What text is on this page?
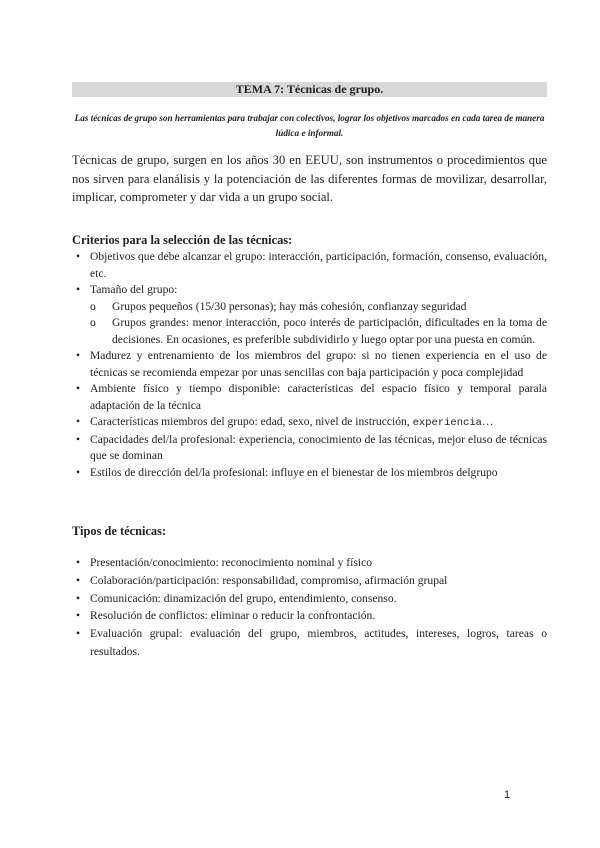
TEMA 7: Técnicas de grupo.
Las técnicas de grupo son herramientas para trabajar con colectivos, lograr los objetivos marcados en cada tarea de manera lúdica e informal.
Técnicas de grupo, surgen en los años 30 en EEUU, son instrumentos o procedimientos que nos sirven para elanálisis y la potenciación de las diferentes formas de movilizar, desarrollar, implicar, comprometer y dar vida a un grupo social.
Criterios para la selección de las técnicas:
• Objetivos que debe alcanzar el grupo: interacción, participación, formación, consenso, evaluación, etc.
• Tamaño del grupo:
o Grupos pequeños (15/30 personas); hay más cohesión, confianzay seguridad
o Grupos grandes: menor interacción, poco interés de participación, dificultades en la toma de decisiones. En ocasiones, es preferible subdividirlo y luego optar por una puesta en común.
• Madurez y entrenamiento de los miembros del grupo: si no tienen experiencia en el uso de técnicas se recomienda empezar por unas sencillas con baja participación y poca complejidad
• Ambiente físico y tiempo disponible: características del espacio físico y temporal parala adaptación de la técnica
• Características miembros del grupo: edad, sexo, nivel de instrucción, experiencia…
• Capacidades del/la profesional: experiencia, conocimiento de las técnicas, mejor eluso de técnicas que se dominan
• Estilos de dirección del/la profesional: influye en el bienestar de los miembros delgrupo
Tipos de técnicas:
• Presentación/conocimiento: reconocimiento nominal y físico
• Colaboración/participación: responsabilidad, compromiso, afirmación grupal
• Comunicación: dinamización del grupo, entendimiento, consenso.
• Resolución de conflictos: eliminar o reducir la confrontación.
• Evaluación grupal: evaluación del grupo, miembros, actitudes, intereses, logros, tareas o resultados.
1
